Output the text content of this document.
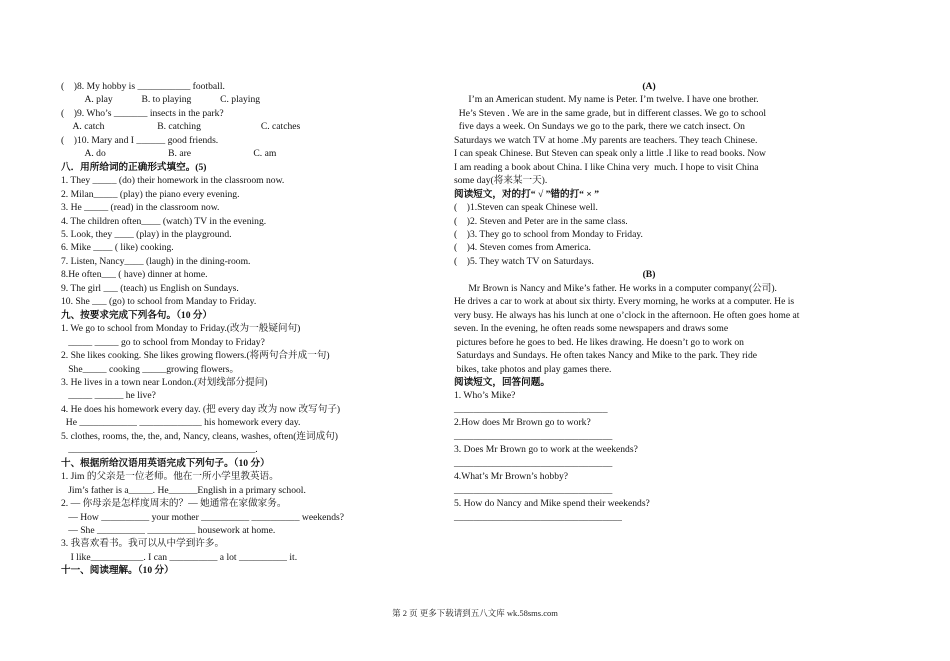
(    )8. My hobby is ___________ football.
A. play            B. to playing            C. playing
(    )9. Who’s _______ insects in the park?
A. catch                      B. catching                         C. catches
(    )10. Mary and I ______ good friends.
A. do                          B. are                          C. am
八．用所给词的正确形式填空。(5)
1. They _____ (do) their homework in the classroom now.
2. Milan_____ (play) the piano every evening.
3. He _____ (read) in the classroom now.
4. The children often____ (watch) TV in the evening.
5. Look, they ____ (play) in the playground.
6. Mike ____ ( like) cooking.
7. Listen, Nancy____ (laugh) in the dining-room.
8.He often___ ( have) dinner at home.
9. The girl ___ (teach) us English on Sundays.
10. She ___ (go) to school from Manday to Friday.
九、按要求完成下列各句。（10 分）
1. We go to school from Monday to Friday.(改为一般疑问句)
_____ _____ go to school from Monday to Friday?
2. She likes cooking. She likes growing flowers.(将两句合并成一句)
She_____ cooking _____growing flowers。
3. He lives in a town near London.(对划线部分提问)
_____ ______ he live?
4. He does his homework every day. (把 every day 改为 now 改写句子)
He ____________ _____________ his homework every day.
5. clothes, rooms, the, the, and, Nancy, cleans, washes, often(连词成句)
_______________________________________.
十、根据所给汉语用英语完成下列句子。（10 分）
1. Jim 的父亲是一位老师。他在一所小学里教英语。
Jim’s father is a_____. He______English in a primary school.
2. — 你母亲是怎样度周末的？— 她通常在家做家务。
— How __________ your mother __________ __________ weekends?
— She __________ __________ housework at home.
3. 我喜欢看书。我可以从中学到许多。
I like___________. I can __________ a lot __________ it.
十一、阅读理解。（10 分）
(A)
I’m an American student. My name is Peter. I’m twelve. I have one brother.
He’s Steven . We are in the same grade, but in different classes. We go to school
five days a week. On Sundays we go to the park, there we catch insect. On
Saturdays we watch TV at home .My parents are teachers. They teach Chinese.
I can speak Chinese. But Steven can speak only a little .I like to read books. Now
I am reading a book about China. I like China very  much. I hope to visit China
some day(将来某一天).
阅读短文，对的打“ √ ”错的打“ × ”
(    )1.Steven can speak Chinese well.
(    )2. Steven and Peter are in the same class.
(    )3. They go to school from Monday to Friday.
(    )4. Steven comes from America.
(    )5. They watch TV on Saturdays.
(B)
Mr Brown is Nancy and Mike’s father. He works in a computer company(公司).
He drives a car to work at about six thirty. Every morning, he works at a computer. He is
very busy. He always has his lunch at one o’clock in the afternoon. He often goes home at
seven. In the evening, he often reads some newspapers and draws some
pictures before he goes to bed. He likes drawing. He doesn’t go to work on
Saturdays and Sundays. He often takes Nancy and Mike to the park. They ride
bikes, take photos and play games there.
阅读短文，回答问题。
1. Who’s Mike?
________________________________
2.How does Mr Brown go to work?
_________________________________
3. Does Mr Brown go to work at the weekends?
_________________________________
4.What’s Mr Brown’s hobby?
_________________________________
5. How do Nancy and Mike spend their weekends?
___________________________________
第 2 页 更多下载请到五八文库 wk.58sms.com
